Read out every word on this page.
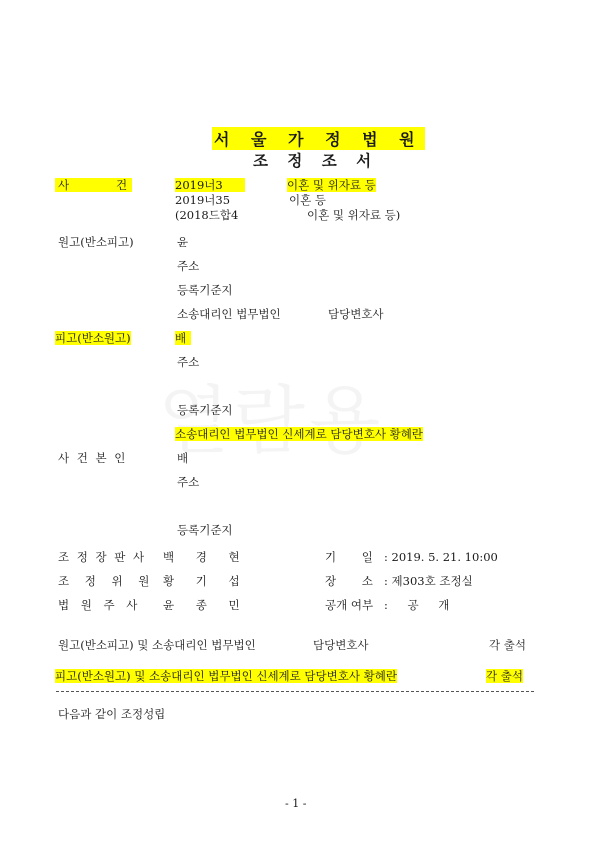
서 울 가 정 법 원
조 정 조 서
사	건	2019너3	이혼 및 위자료 등
2019너35	이혼 등
(2018드합4	이혼 및 위자료 등)
원고(반소피고)	윤
주소
등록기준지
소송대리인 법무법인	담당변호사
피고(반소원고)	배
주소
등록기준지
소송대리인 법무법인 신세계로 담당변호사 황혜란
사 건 본 인	배
주소
등록기준지
조 정 장 판 사 백 경 현	기 일 : 2019. 5. 21. 10:00
조 정 위 원 황 기 섭	장 소 : 제303호 조정실
법 원 주 사 윤 종 민	공개 여부 : 공 개
원고(반소피고) 및 소송대리인 법무법인	담당변호사	각 출석
피고(반소원고) 및 소송대리인 법무법인 신세계로 담당변호사 황혜란	각 출석
다음과 같이 조정성립
- 1 -
